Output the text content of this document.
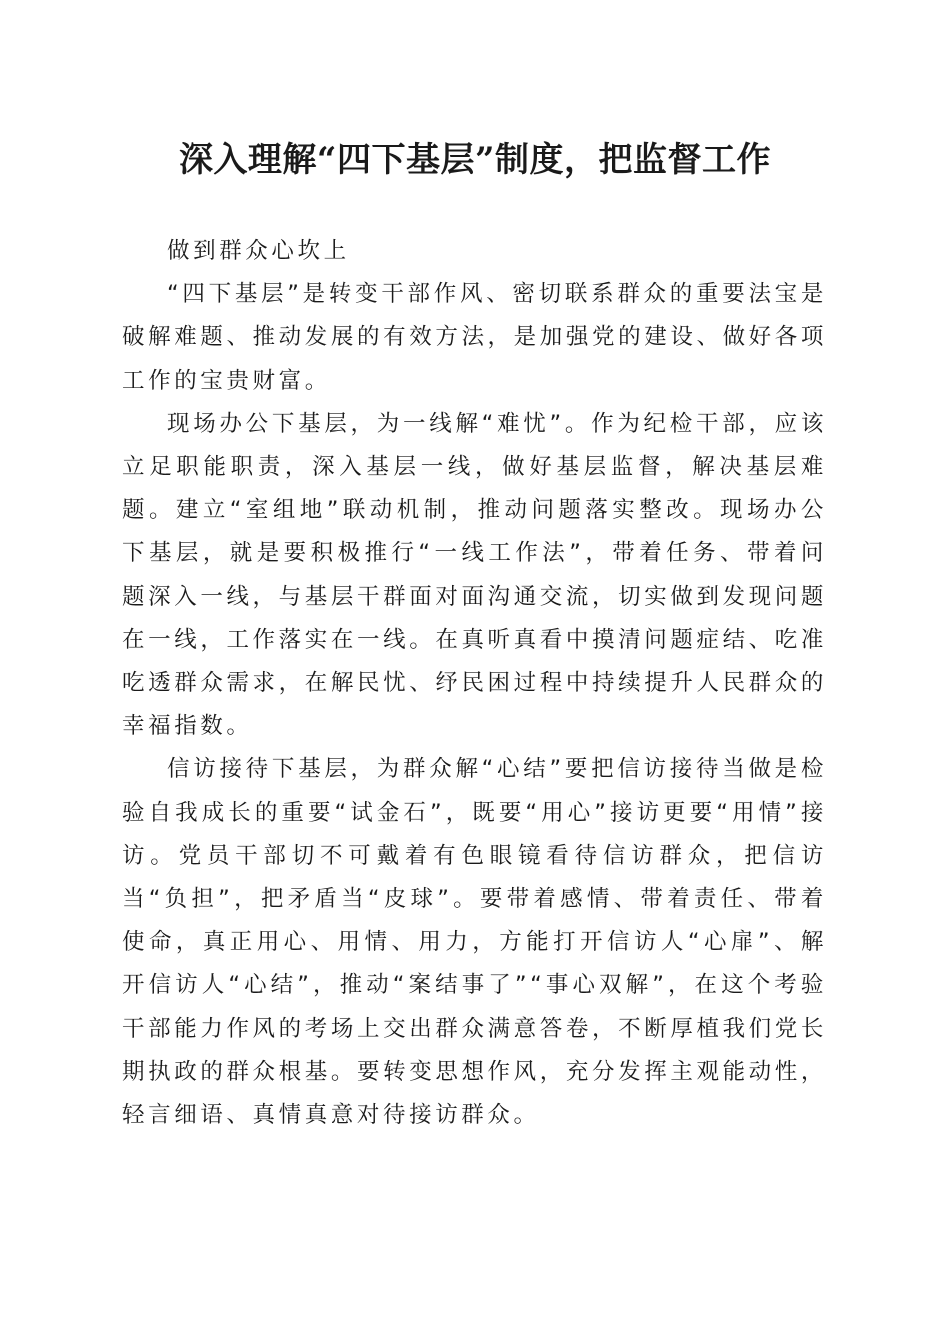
深入理解“四下基层”制度，把监督工作

做到群众心坎上

“四下基层”是转变干部作风、密切联系群众的重要法宝是破解难题、推动发展的有效方法，是加强党的建设、做好各项工作的宝贵财富。

现场办公下基层，为一线解“难忧”。作为纪检干部，应该立足职能职责，深入基层一线，做好基层监督，解决基层难题。建立“室组地”联动机制，推动问题落实整改。现场办公下基层，就是要积极推行“一线工作法”，带着任务、带着问题深入一线，与基层干群面对面沟通交流，切实做到发现问题在一线，工作落实在一线。在真听真看中摸清问题症结、吃准吃透群众需求，在解民忧、纾民困过程中持续提升人民群众的幸福指数。

信访接待下基层，为群众解“心结”要把信访接待当做是检验自我成长的重要“试金石”，既要“用心”接访更要“用情”接访。党员干部切不可戴着有色眼镜看待信访群众，把信访当“负担”，把矛盾当“皮球”。要带着感情、带着责任、带着使命，真正用心、用情、用力，方能打开信访人“心扉”、解开信访人“心结”，推动“案结事了”“事心双解”，在这个考验干部能力作风的考场上交出群众满意答卷，不断厚植我们党长期执政的群众根基。要转变思想作风，充分发挥主观能动性，轻言细语、真情真意对待接访群众。
